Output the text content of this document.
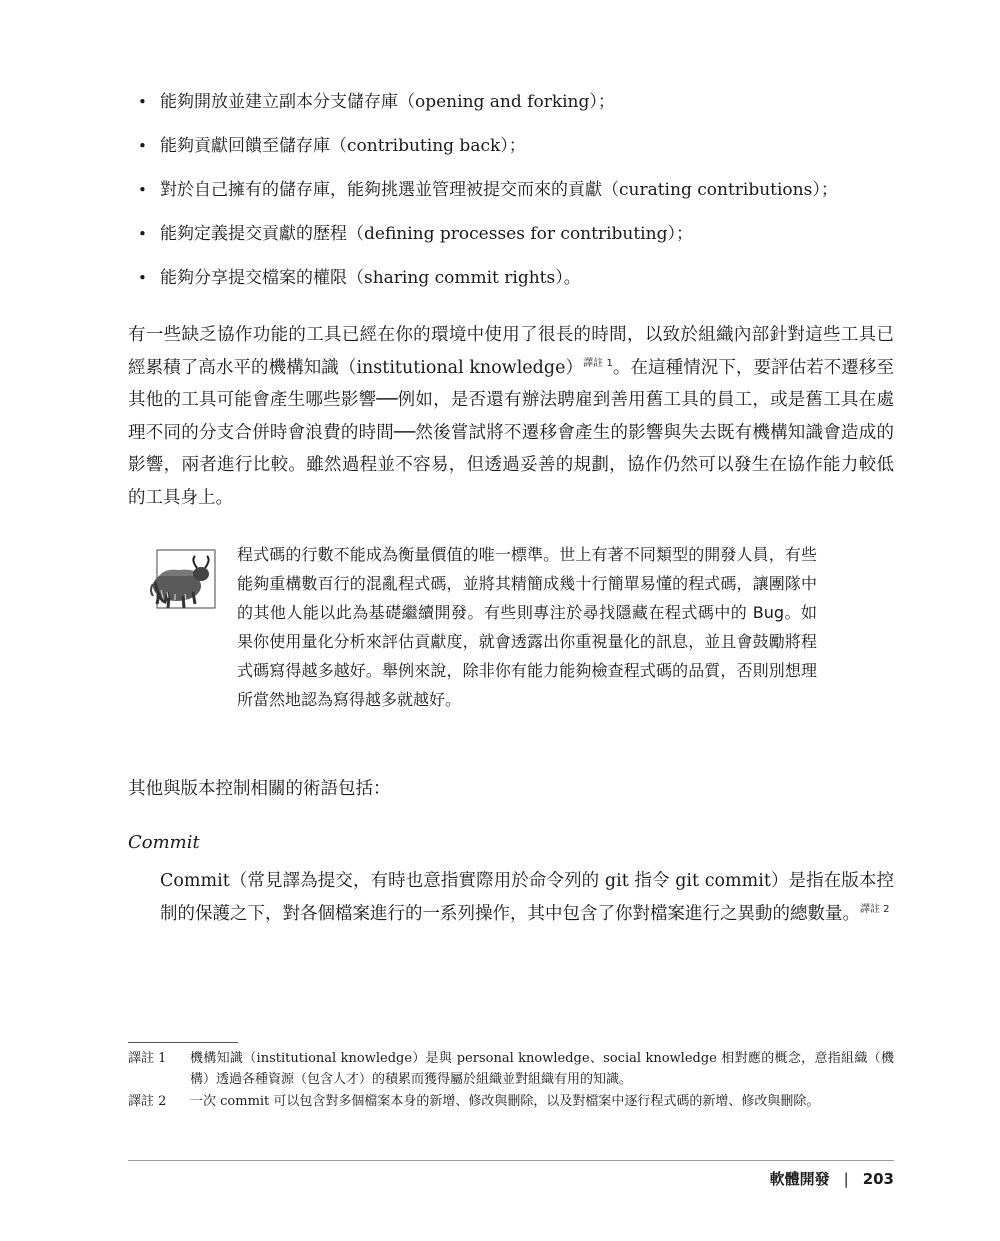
• 能夠開放並建立副本分支儲存庫（opening and forking）；
• 能夠貢獻回饋至儲存庫（contributing back）；
• 對於自己擁有的儲存庫，能夠挑選並管理被提交而來的貢獻（curating contributions）；
• 能夠定義提交貢獻的歷程（defining processes for contributing）；
• 能夠分享提交檔案的權限（sharing commit rights）。

有一些缺乏協作功能的工具已經在你的環境中使用了很長的時間，以致於組織內部針對這些工具已經累積了高水平的機構知識（institutional knowledge）$^{譯註 1}$。在這種情況下，要評估若不遷移至其他的工具可能會產生哪些影響──例如，是否還有辦法聘雇到善用舊工具的員工，或是舊工具在處理不同的分支合併時會浪費的時間──然後嘗試將不遷移會產生的影響與失去既有機構知識會造成的影響，兩者進行比較。雖然過程並不容易，但透過妥善的規劃，協作仍然可以發生在協作能力較低的工具身上。

程式碼的行數不能成為衡量價值的唯一標準。世上有著不同類型的開發人員，有些能夠重構數百行的混亂程式碼，並將其精簡成幾十行簡單易懂的程式碼，讓團隊中的其他人能以此為基礎繼續開發。有些則專注於尋找隱藏在程式碼中的 Bug。如果你使用量化分析來評估貢獻度，就會透露出你重視量化的訊息，並且會鼓勵將程式碼寫得越多越好。舉例來說，除非你有能力能夠檢查程式碼的品質，否則別想理所當然地認為寫得越多就越好。

其他與版本控制相關的術語包括：

Commit

Commit（常見譯為提交，有時也意指實際用於命令列的 git 指令 git commit）是指在版本控制的保護之下，對各個檔案進行的一系列操作，其中包含了你對檔案進行之異動的總數量。$^{譯註 2}$

譯註 1	機構知識（institutional knowledge）是與 personal knowledge、social knowledge 相對應的概念，意指組織（機構）透過各種資源（包含人才）的積累而獲得屬於組織並對組織有用的知識。
譯註 2	一次 commit 可以包含對多個檔案本身的新增、修改與刪除，以及對檔案中逐行程式碼的新增、修改與刪除。
軟體開發 | 203
